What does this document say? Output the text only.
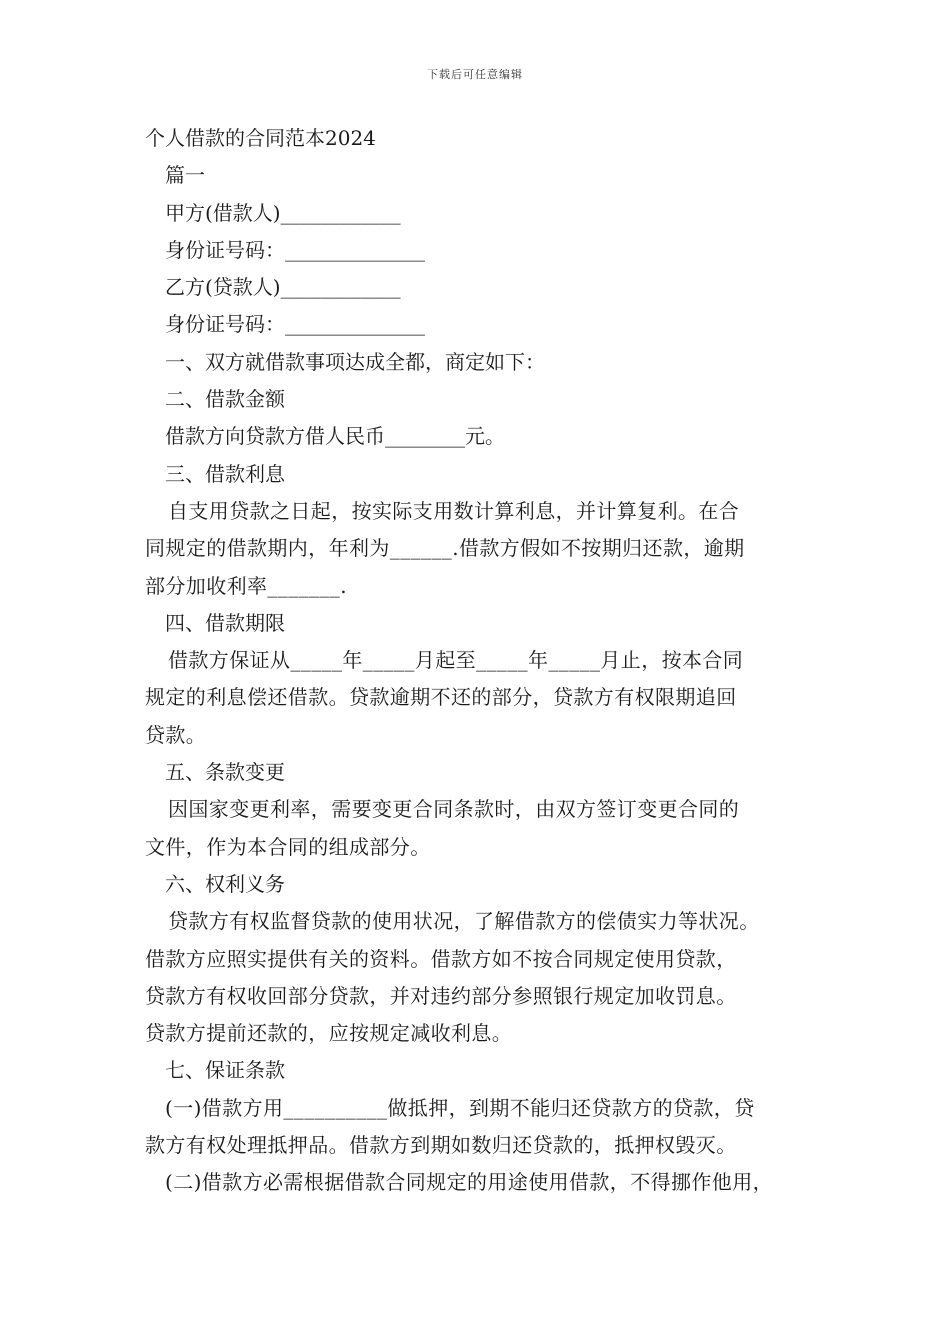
下载后可任意编辑
个人借款的合同范本2024
篇一
甲方(借款人)____________
身份证号码：______________
乙方(贷款人)____________
身份证号码：______________
一、双方就借款事项达成全都，商定如下：
二、借款金额
借款方向贷款方借人民币________元。
三、借款利息
自支用贷款之日起，按实际支用数计算利息，并计算复利。在合
同规定的借款期内，年利为______.借款方假如不按期归还款，逾期
部分加收利率_______.
四、借款期限
借款方保证从_____年_____月起至_____年_____月止，按本合同
规定的利息偿还借款。贷款逾期不还的部分，贷款方有权限期追回
贷款。
五、条款变更
因国家变更利率，需要变更合同条款时，由双方签订变更合同的
文件，作为本合同的组成部分。
六、权利义务
贷款方有权监督贷款的使用状况，了解借款方的偿债实力等状况。
借款方应照实提供有关的资料。借款方如不按合同规定使用贷款，
贷款方有权收回部分贷款，并对违约部分参照银行规定加收罚息。
贷款方提前还款的，应按规定减收利息。
七、保证条款
(一)借款方用__________做抵押，到期不能归还贷款方的贷款，贷
款方有权处理抵押品。借款方到期如数归还贷款的，抵押权毁灭。
(二)借款方必需根据借款合同规定的用途使用借款，不得挪作他用，
